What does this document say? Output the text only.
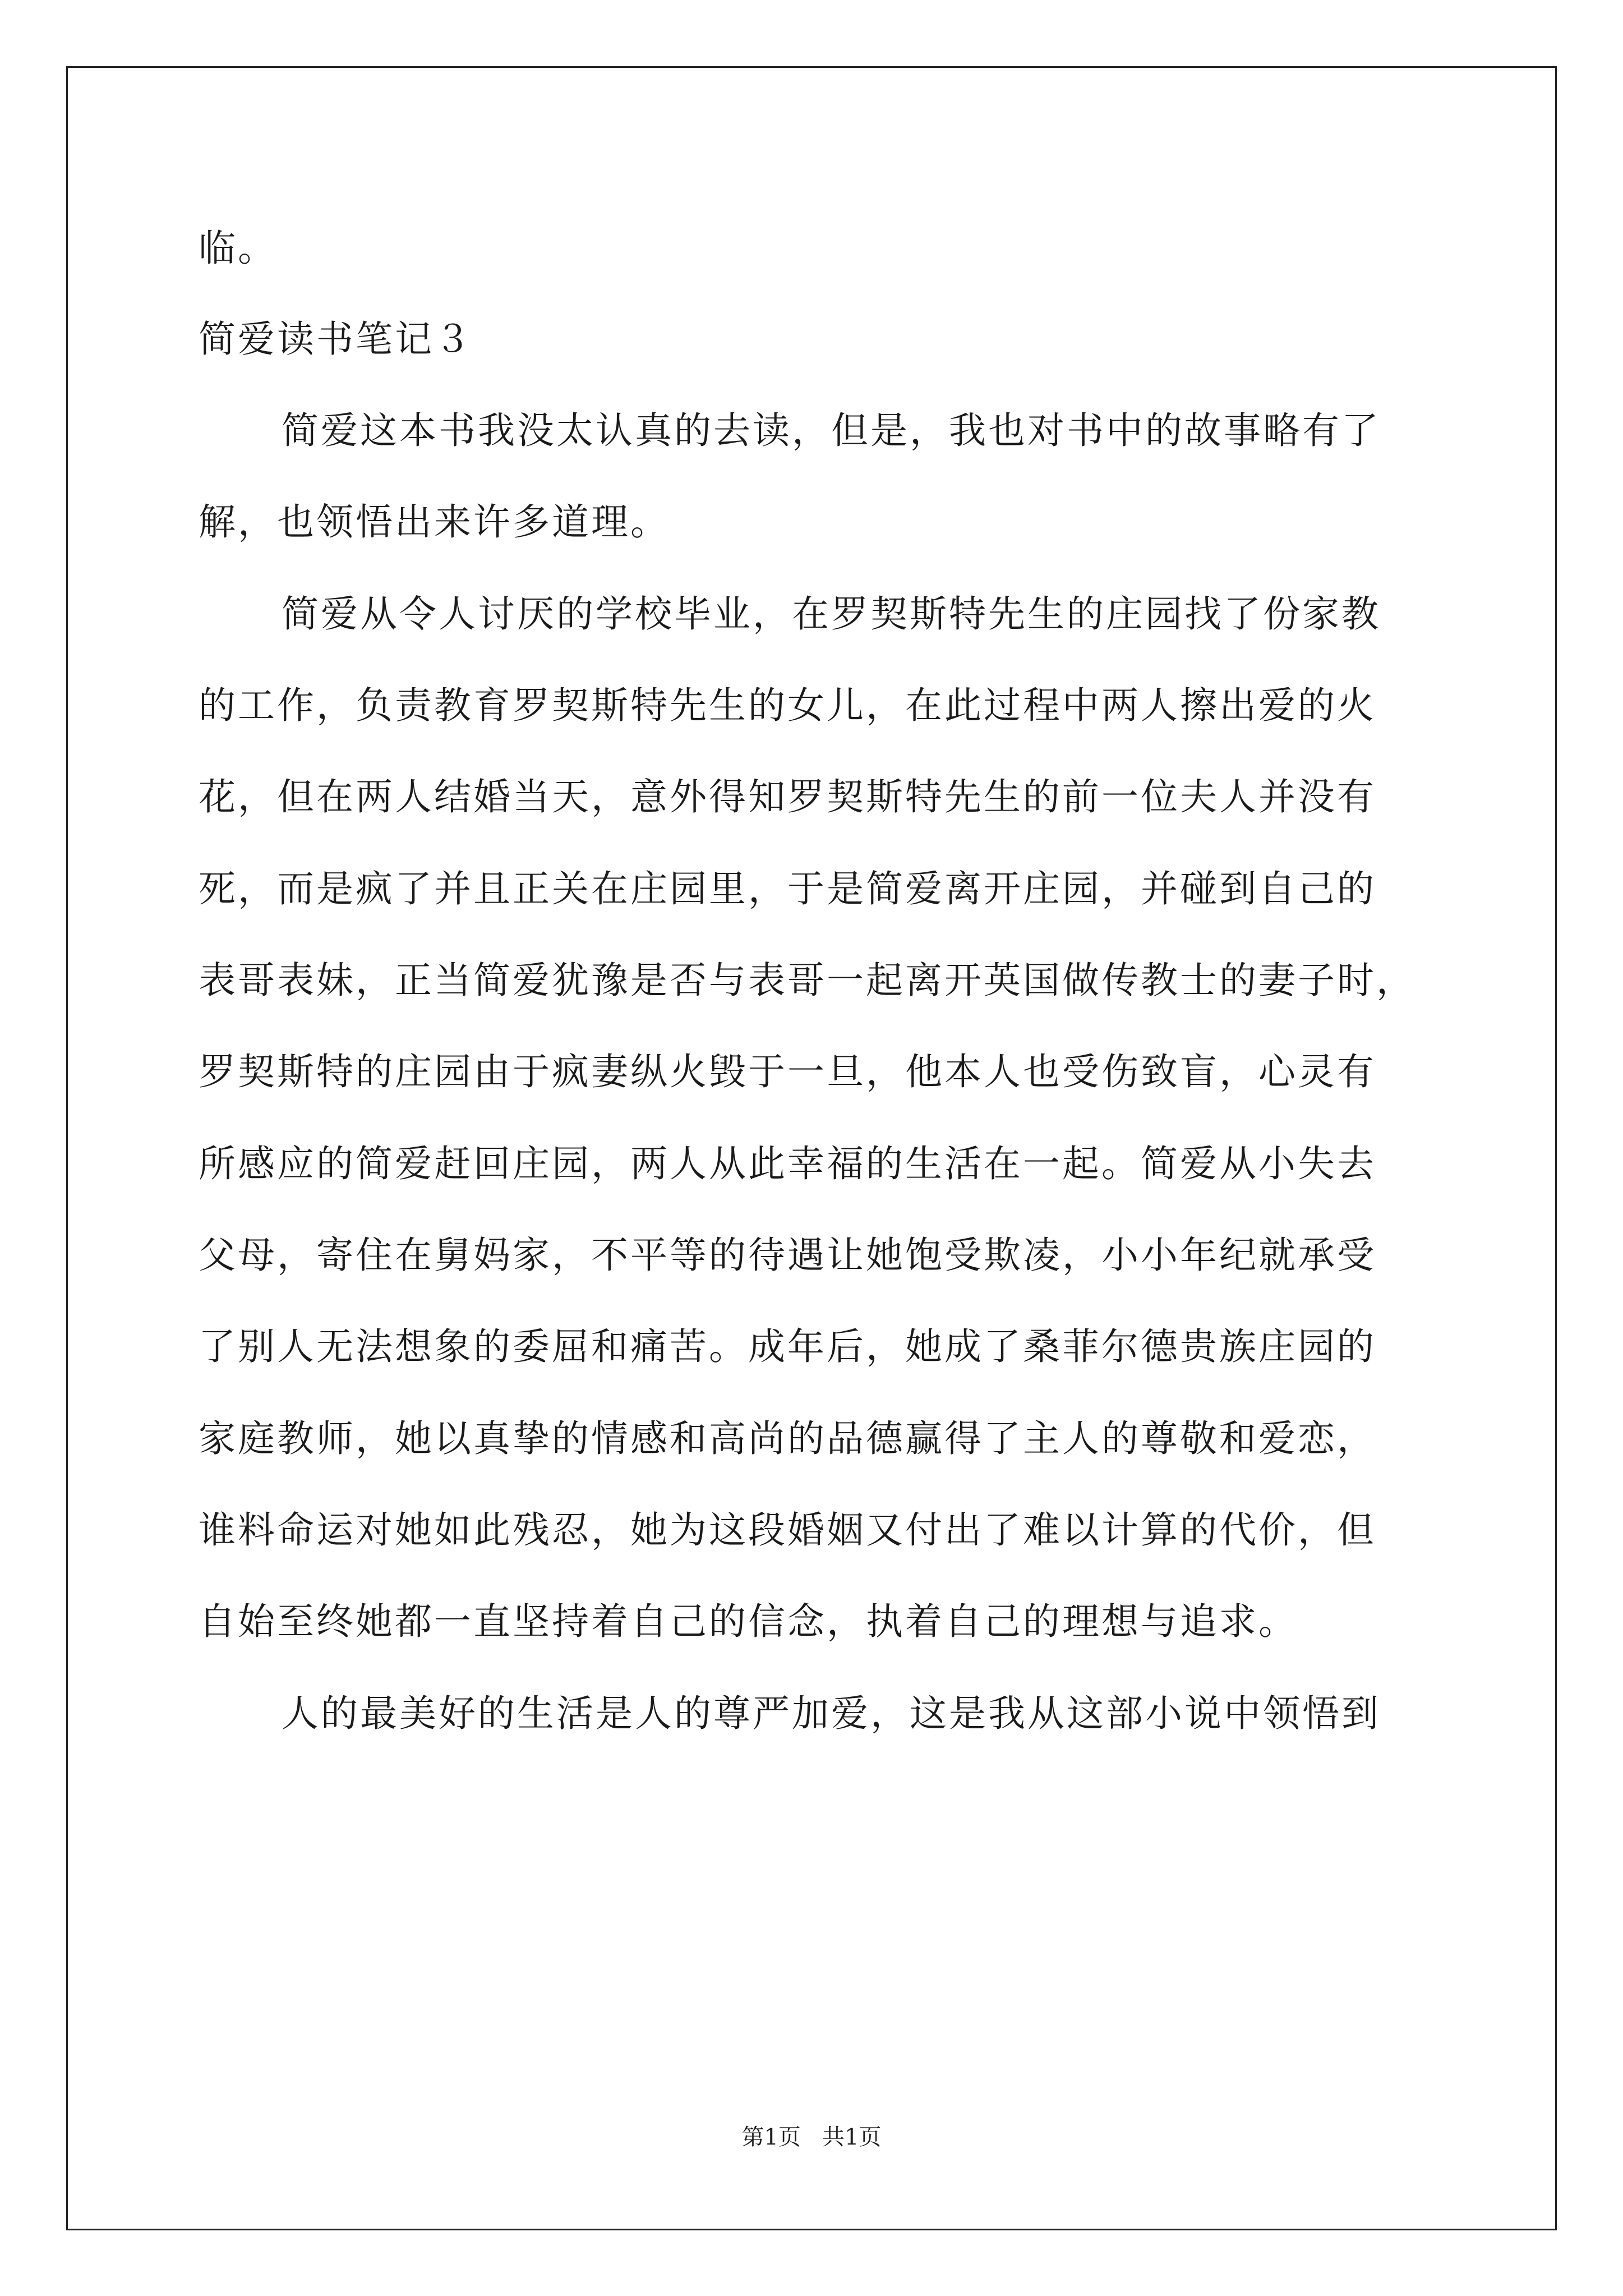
临。
简爱读书笔记３
简爱这本书我没太认真的去读，但是，我也对书中的故事略有了
解，也领悟出来许多道理。
简爱从令人讨厌的学校毕业，在罗契斯特先生的庄园找了份家教
的工作，负责教育罗契斯特先生的女儿，在此过程中两人擦出爱的火
花，但在两人结婚当天，意外得知罗契斯特先生的前一位夫人并没有
死，而是疯了并且正关在庄园里，于是简爱离开庄园，并碰到自己的
表哥表妹，正当简爱犹豫是否与表哥一起离开英国做传教士的妻子时，
罗契斯特的庄园由于疯妻纵火毁于一旦，他本人也受伤致盲，心灵有
所感应的简爱赶回庄园，两人从此幸福的生活在一起。简爱从小失去
父母，寄住在舅妈家，不平等的待遇让她饱受欺凌，小小年纪就承受
了别人无法想象的委屈和痛苦。成年后，她成了桑菲尔德贵族庄园的
家庭教师，她以真挚的情感和高尚的品德赢得了主人的尊敬和爱恋，
谁料命运对她如此残忍，她为这段婚姻又付出了难以计算的代价，但
自始至终她都一直坚持着自己的信念，执着自己的理想与追求。
人的最美好的生活是人的尊严加爱，这是我从这部小说中领悟到
第1页   共1页
